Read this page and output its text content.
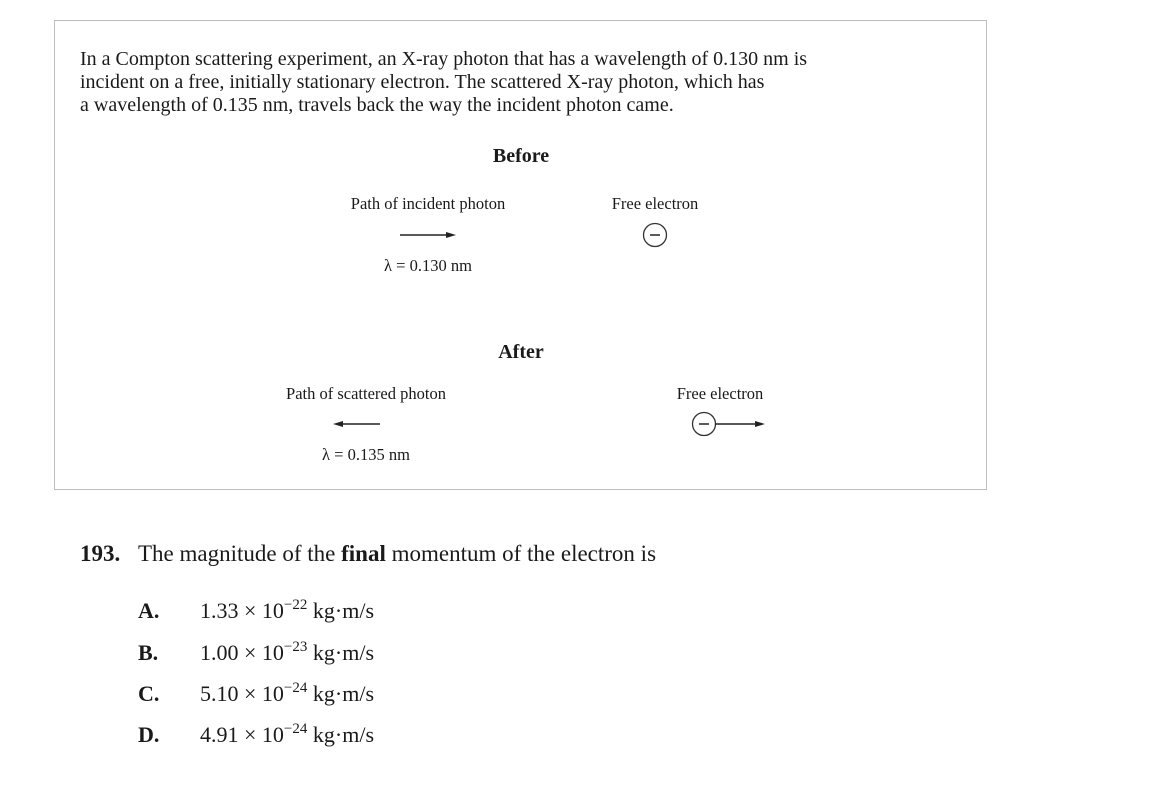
In a Compton scattering experiment, an X-ray photon that has a wavelength of 0.130 nm is
incident on a free, initially stationary electron. The scattered X-ray photon, which has
a wavelength of 0.135 nm, travels back the way the incident photon came.
Before
Path of incident photon
λ = 0.130 nm
Free electron
After
Path of scattered photon
λ = 0.135 nm
Free electron
193. The magnitude of the final momentum of the electron is
A. $1.33 \times 10^{-22}$ kg·m/s
B. $1.00 \times 10^{-23}$ kg·m/s
C. $5.10 \times 10^{-24}$ kg·m/s
D. $4.91 \times 10^{-24}$ kg·m/s
